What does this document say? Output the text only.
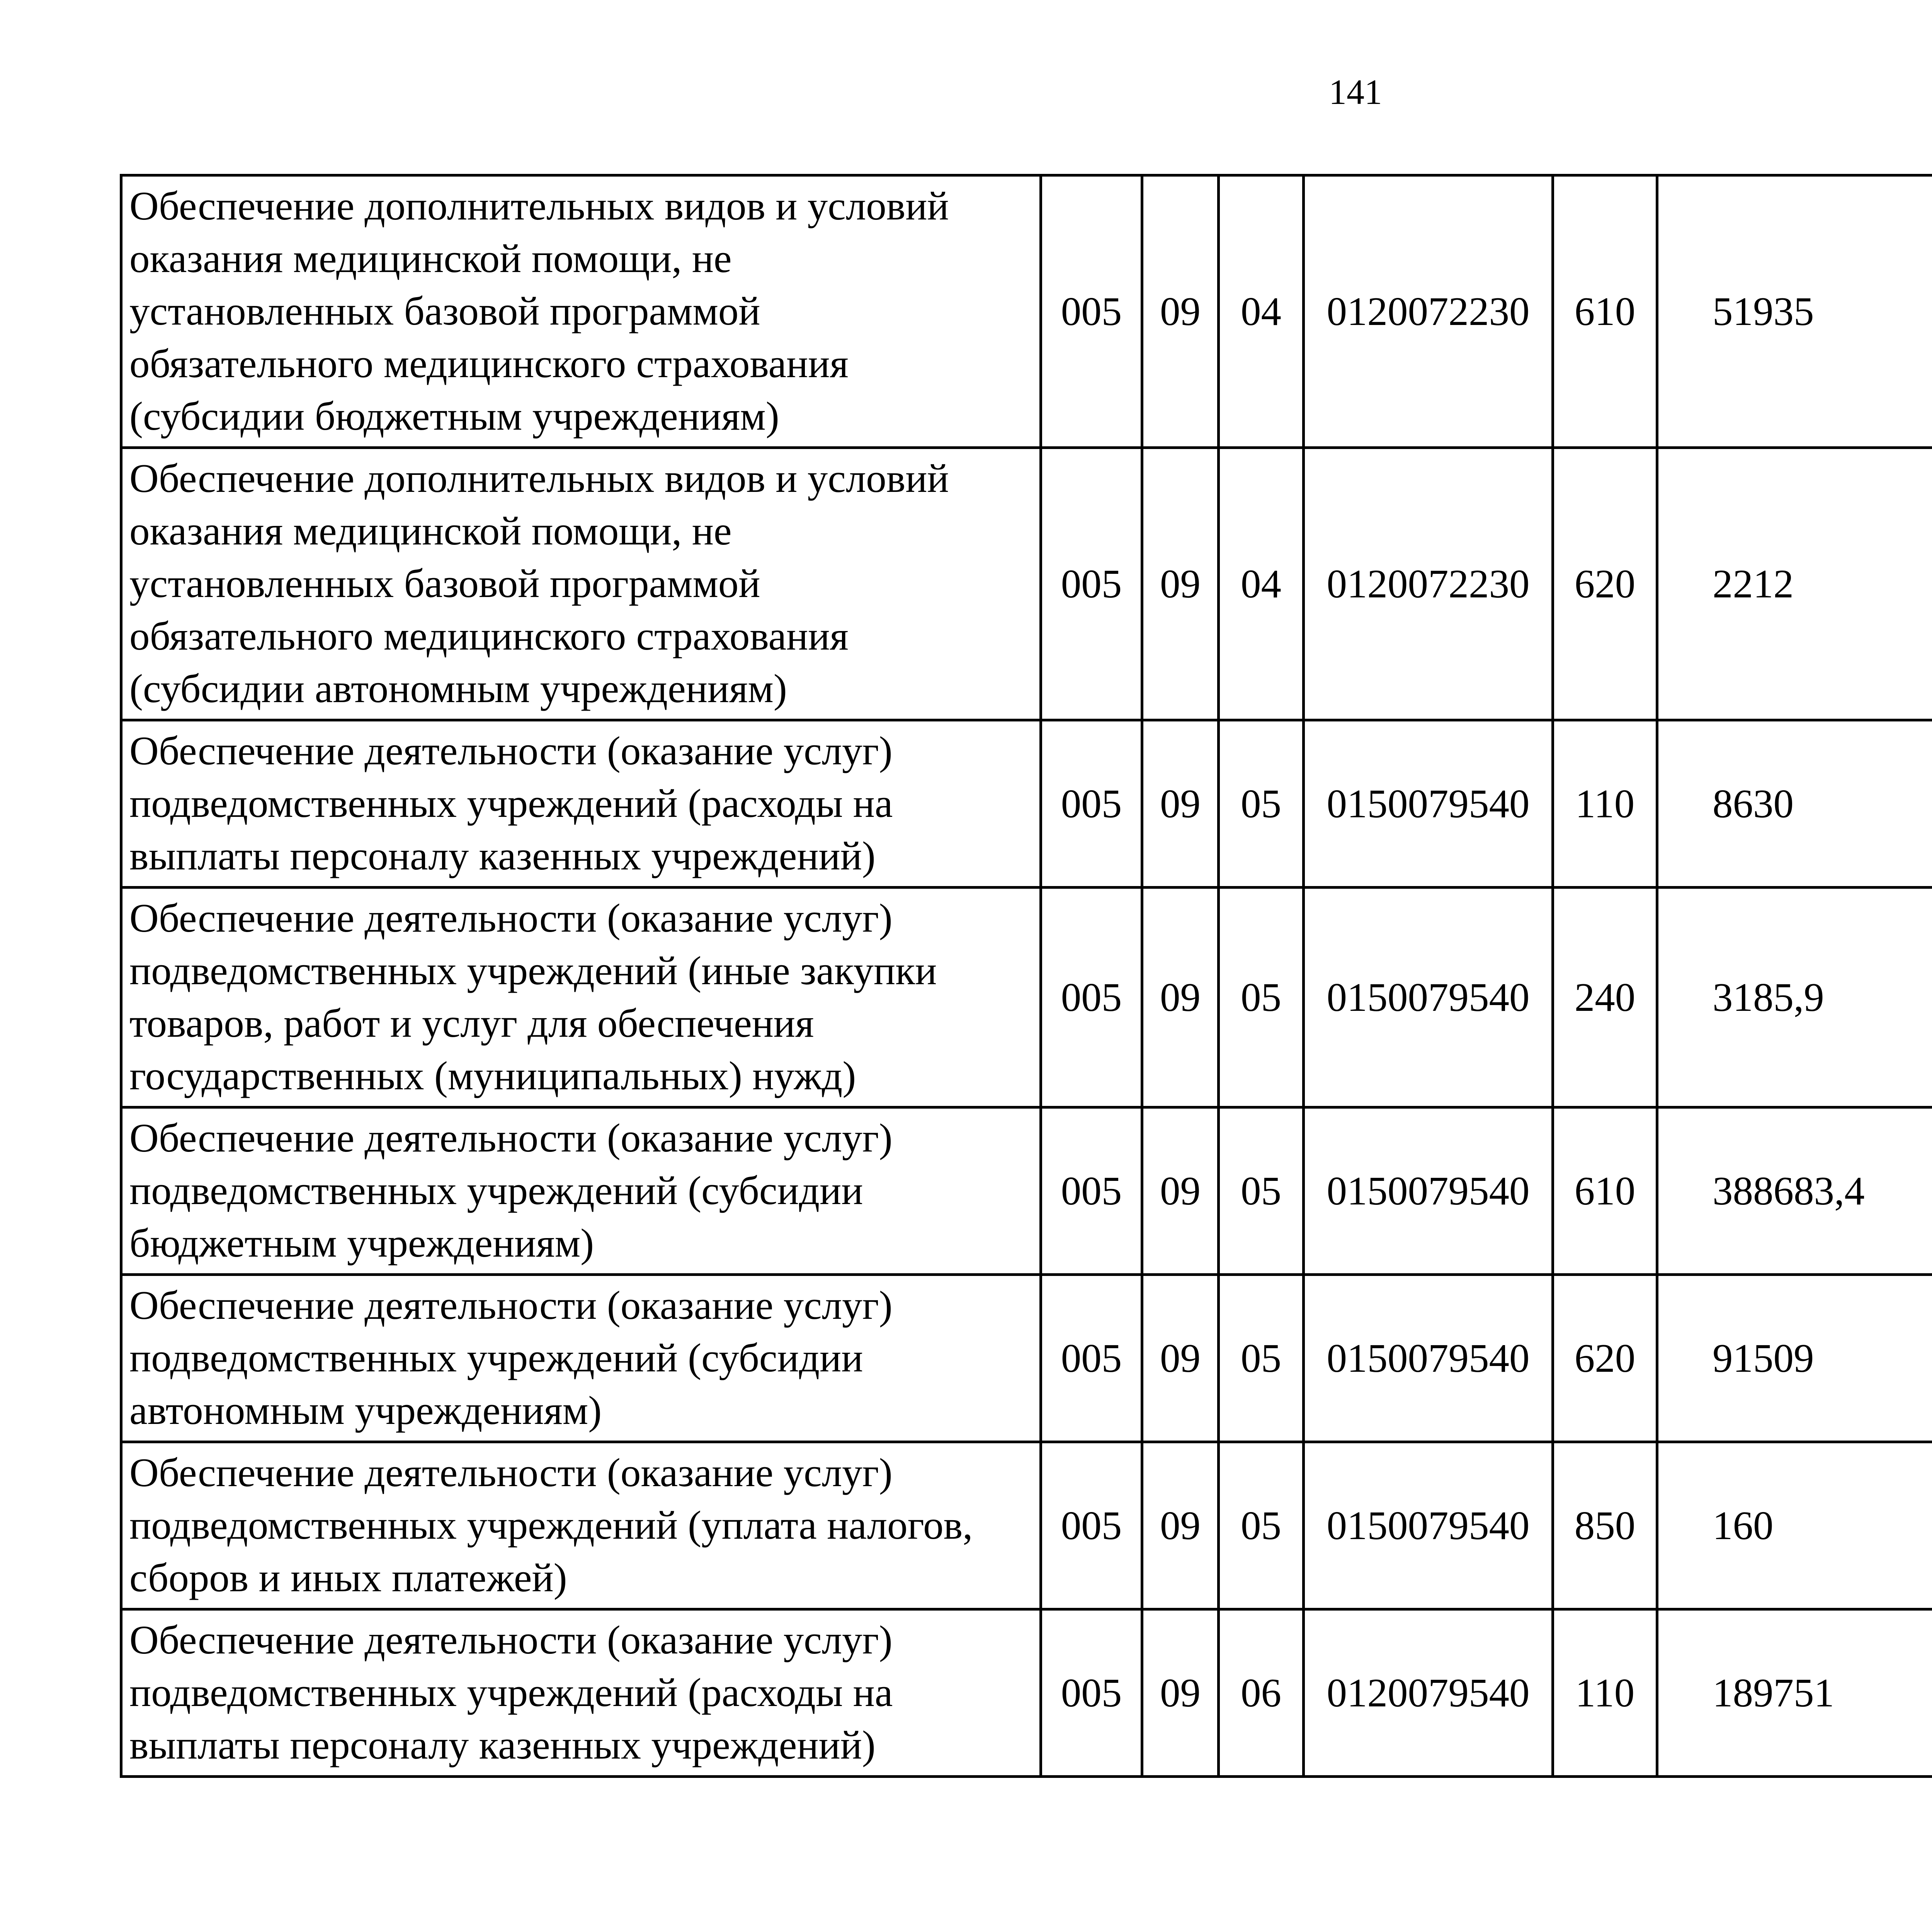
141
Обеспечение дополнительных видов и условий
оказания медицинской помощи, не
установленных базовой программой
обязательного медицинского страхования
(субсидии бюджетным учреждениям)	005	09	04	0120072230	610	51935		

Обеспечение дополнительных видов и условий
оказания медицинской помощи, не
установленных базовой программой
обязательного медицинского страхования
(субсидии автономным учреждениям)	005	09	04	0120072230	620	2212		

Обеспечение деятельности (оказание услуг)
подведомственных учреждений (расходы на
выплаты персоналу казенных учреждений)	005	09	05	0150079540	110	8630		

Обеспечение деятельности (оказание услуг)
подведомственных учреждений (иные закупки
товаров, работ и услуг для обеспечения
государственных (муниципальных) нужд)	005	09	05	0150079540	240	3185,9		

Обеспечение деятельности (оказание услуг)
подведомственных учреждений (субсидии
бюджетным учреждениям)	005	09	05	0150079540	610	388683,4		

Обеспечение деятельности (оказание услуг)
подведомственных учреждений (субсидии
автономным учреждениям)	005	09	05	0150079540	620	91509		

Обеспечение деятельности (оказание услуг)
подведомственных учреждений (уплата налогов,
сборов и иных платежей)	005	09	05	0150079540	850	160		

Обеспечение деятельности (оказание услуг)
подведомственных учреждений (расходы на
выплаты персоналу казенных учреждений)	005	09	06	0120079540	110	189751		
